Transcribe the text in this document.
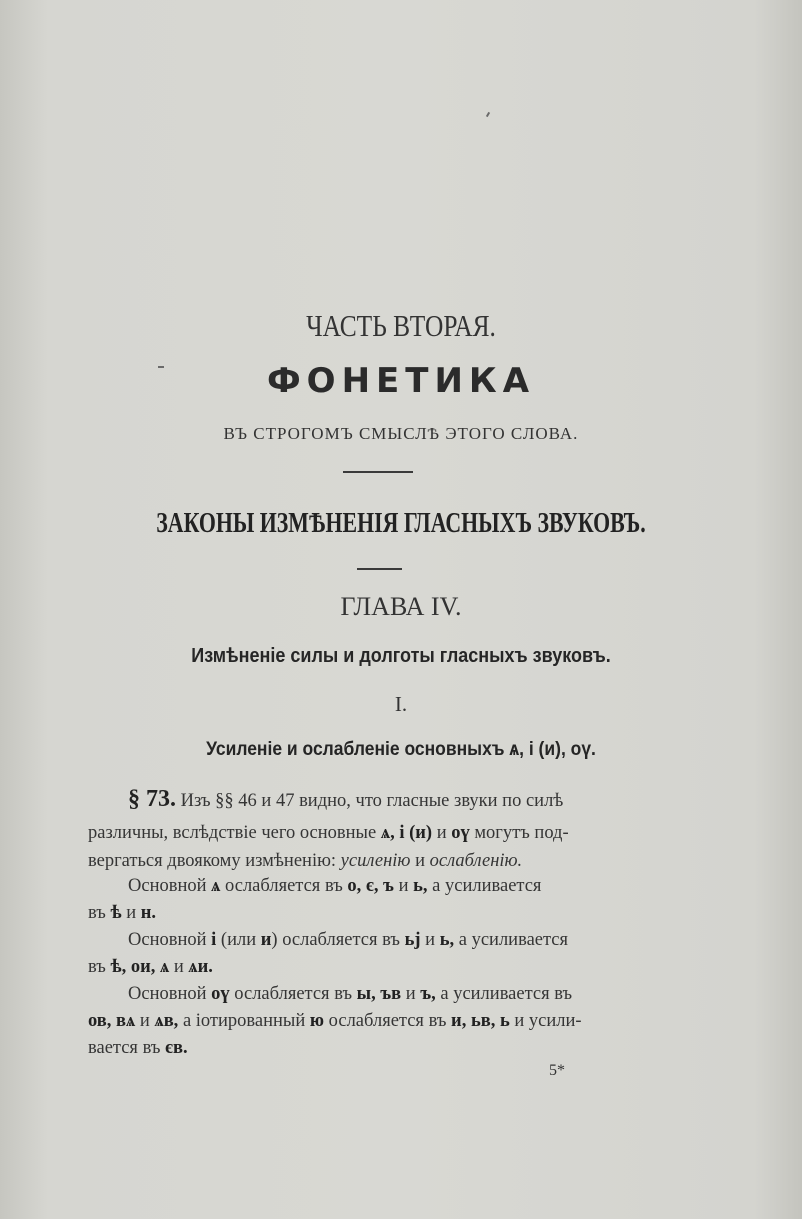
ЧАСТЬ ВТОРАЯ.
ФОНЕТИКА
ВЪ СТРОГОМЪ СМЫСЛѢ ЭТОГО СЛОВА.
ЗАКОНЫ ИЗМѢНЕНІЯ ГЛАСНЫХЪ ЗВУКОВЪ.
ГЛАВА IV.
Измѣненіе силы и долготы гласныхъ звуковъ.
I.
Усиленіе и ослабленіе основныхъ ѧ, і (и), оү.
§ 73. Изъ §§ 46 и 47 видно, что гласные звуки по силѣ
различны, вслѣдствіе чего основные ѧ, і (и) и оү могутъ под-
вергаться двоякому измѣненію: усиленію и ослабленію.
Основной ѧ ослабляется въ о, є, ъ и ь, а усиливается
въ ѣ и н.
Основной і (или и) ослабляется въ ьј и ь, а усиливается
въ ѣ, ои, ѧ и ѧи.
Основной оү ослабляется въ ы, ъв и ъ, а усиливается въ
ов, вѧ и ѧв, а іотированный ю ослабляется въ и, ьв, ь и усили-
вается въ єв.
5*
